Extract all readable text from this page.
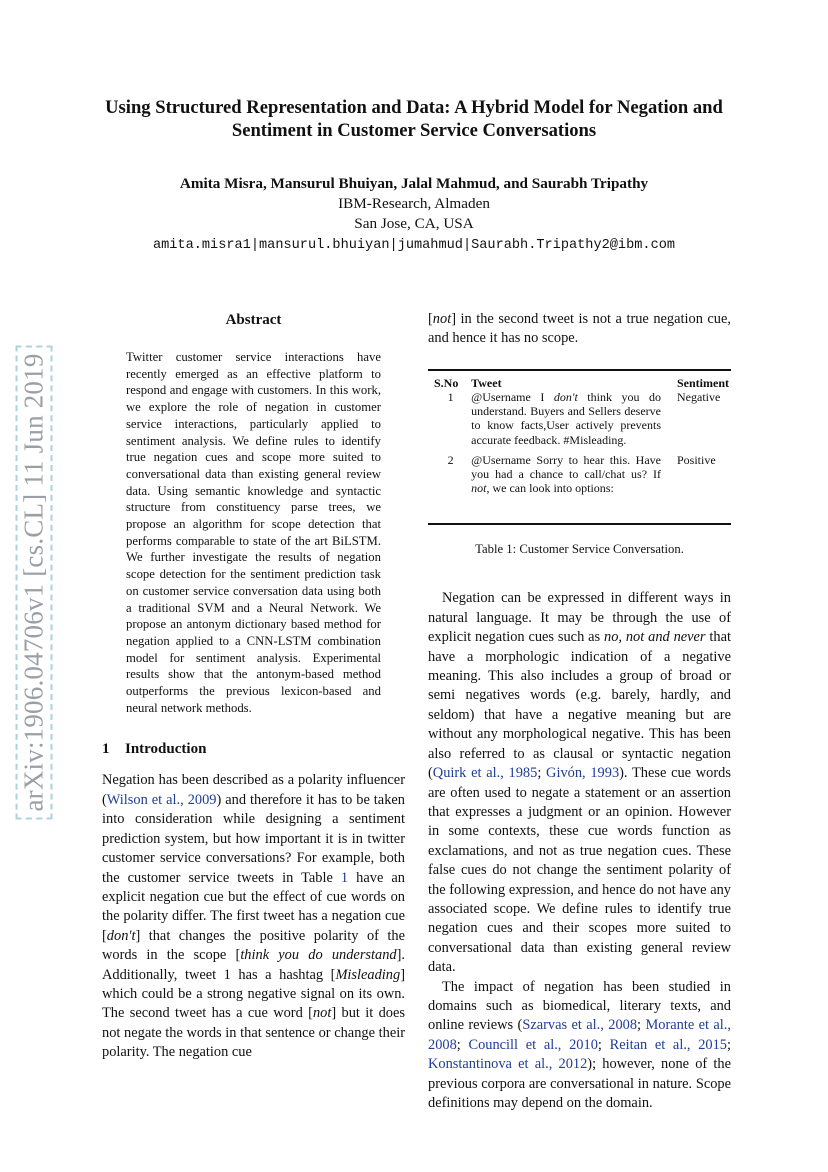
Using Structured Representation and Data: A Hybrid Model for Negation and Sentiment in Customer Service Conversations
Amita Misra, Mansurul Bhuiyan, Jalal Mahmud, and Saurabh Tripathy
IBM-Research, Almaden
San Jose, CA, USA
amita.misra1|mansurul.bhuiyan|jumahmud|Saurabh.Tripathy2@ibm.com
arXiv:1906.04706v1 [cs.CL] 11 Jun 2019
Abstract

Twitter customer service interactions have recently emerged as an effective platform to respond and engage with customers. In this work, we explore the role of negation in customer service interactions, particularly applied to sentiment analysis. We define rules to identify true negation cues and scope more suited to conversational data than existing general review data. Using semantic knowledge and syntactic structure from constituency parse trees, we propose an algorithm for scope detection that performs comparable to state of the art BiLSTM. We further investigate the results of negation scope detection for the sentiment prediction task on customer service conversation data using both a traditional SVM and a Neural Network. We propose an antonym dictionary based method for negation applied to a CNN-LSTM combination model for sentiment analysis. Experimental results show that the antonym-based method outperforms the previous lexicon-based and neural network methods.

1 Introduction

Negation has been described as a polarity influencer (Wilson et al., 2009) and therefore it has to be taken into consideration while designing a sentiment prediction system, but how important it is in twitter customer service conversations? For example, both the customer service tweets in Table 1 have an explicit negation cue but the effect of cue words on the polarity differ. The first tweet has a negation cue [don't] that changes the positive polarity of the words in the scope [think you do understand]. Additionally, tweet 1 has a hashtag [Misleading] which could be a strong negative signal on its own. The second tweet has a cue word [not] but it does not negate the words in that sentence or change their polarity. The negation cue

[not] in the second tweet is not a true negation cue, and hence it has no scope.

S.No	Tweet	Sentiment
1	@Username I don't think you do understand. Buyers and Sellers deserve to know facts,User actively prevents accurate feedback. #Misleading.	Negative
2	@Username Sorry to hear this. Have you had a chance to call/chat us? If not, we can look into options:	Positive
Table 1: Customer Service Conversation.

Negation can be expressed in different ways in natural language. It may be through the use of explicit negation cues such as no, not and never that have a morphologic indication of a negative meaning. This also includes a group of broad or semi negatives words (e.g. barely, hardly, and seldom) that have a negative meaning but are without any morphological negative. This has been also referred to as clausal or syntactic negation (Quirk et al., 1985; Givón, 1993). These cue words are often used to negate a statement or an assertion that expresses a judgment or an opinion. However in some contexts, these cue words function as exclamations, and not as true negation cues. These false cues do not change the sentiment polarity of the following expression, and hence do not have any associated scope. We define rules to identify true negation cues and their scopes more suited to conversational data than existing general review data.

The impact of negation has been studied in domains such as biomedical, literary texts, and online reviews (Szarvas et al., 2008; Morante et al., 2008; Councill et al., 2010; Reitan et al., 2015; Konstantinova et al., 2012); however, none of the previous corpora are conversational in nature. Scope definitions may depend on the domain.
